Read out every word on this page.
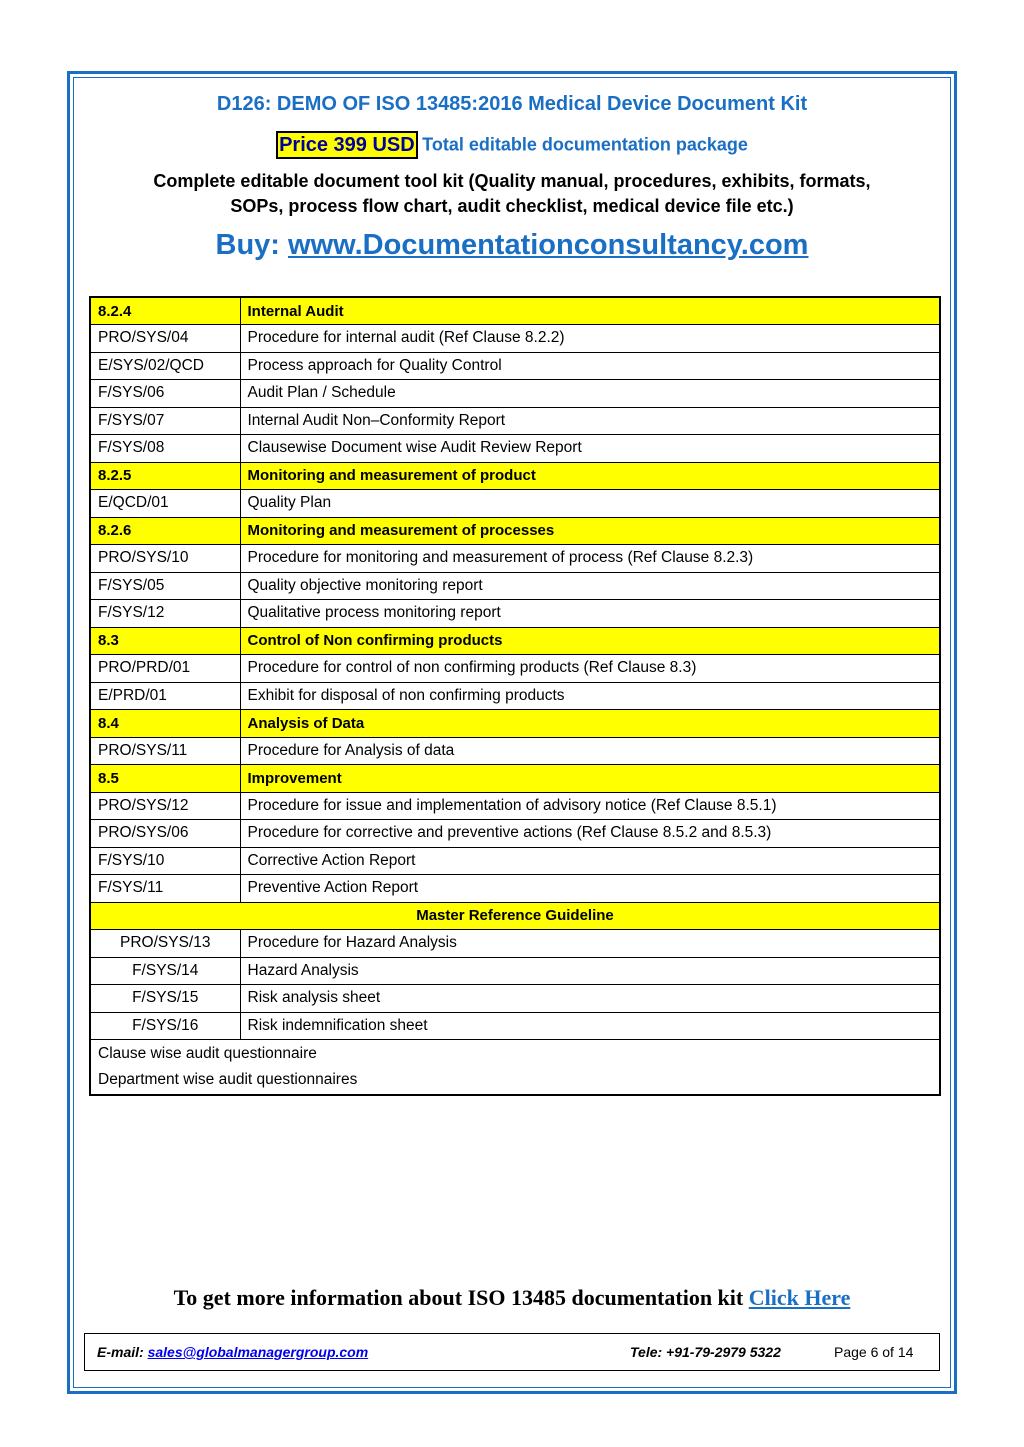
D126: DEMO OF ISO 13485:2016 Medical Device Document Kit
Price 399 USD Total editable documentation package
Complete editable document tool kit (Quality manual, procedures, exhibits, formats,
SOPs, process flow chart, audit checklist, medical device file etc.)
Buy: www.Documentationconsultancy.com
8.2.4	Internal Audit
PRO/SYS/04	Procedure for internal audit (Ref Clause 8.2.2)
E/SYS/02/QCD	Process approach for Quality Control
F/SYS/06	Audit Plan / Schedule
F/SYS/07	Internal Audit Non–Conformity Report
F/SYS/08	Clausewise Document wise Audit Review Report
8.2.5	Monitoring and measurement of product
E/QCD/01	Quality Plan
8.2.6	Monitoring and measurement of processes
PRO/SYS/10	Procedure for monitoring and measurement of process (Ref Clause 8.2.3)
F/SYS/05	Quality objective monitoring report
F/SYS/12	Qualitative process monitoring report
8.3	Control of Non confirming products
PRO/PRD/01	Procedure for control of non confirming products (Ref Clause 8.3)
E/PRD/01	Exhibit for disposal of non confirming products
8.4	Analysis of Data
PRO/SYS/11	Procedure for Analysis of data
8.5	Improvement
PRO/SYS/12	Procedure for issue and implementation of advisory notice (Ref Clause 8.5.1)
PRO/SYS/06	Procedure for corrective and preventive actions (Ref Clause 8.5.2 and 8.5.3)
F/SYS/10	Corrective Action Report
F/SYS/11	Preventive Action Report
Master Reference Guideline	
PRO/SYS/13	Procedure for Hazard Analysis
F/SYS/14	Hazard Analysis
F/SYS/15	Risk analysis sheet
F/SYS/16	Risk indemnification sheet
Clause wise audit questionnaire	
Department wise audit questionnaires	
To get more information about ISO 13485 documentation kit Click Here
E-mail: sales@globalmanagergroup.com	Tele: +91-79-2979 5322	Page 6 of 14
